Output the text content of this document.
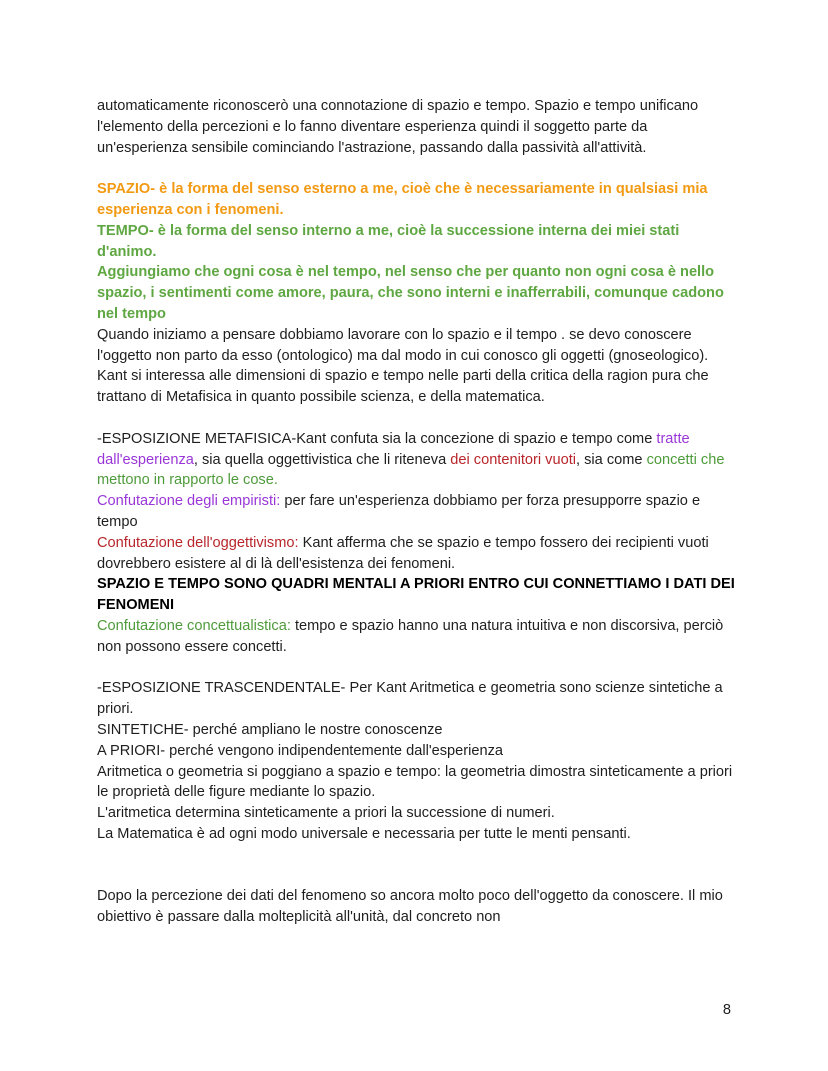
automaticamente riconoscerò una connotazione di spazio e tempo. Spazio e tempo unificano l'elemento della percezioni e lo fanno diventare esperienza quindi il soggetto parte da un'esperienza sensibile cominciando l'astrazione, passando dalla passività all'attività.

SPAZIO- è la forma del senso esterno a me, cioè che è necessariamente in qualsiasi mia esperienza con i fenomeni.

TEMPO- è la forma del senso interno a me, cioè la successione interna dei miei stati d'animo.

Aggiungiamo che ogni cosa è nel tempo, nel senso che per quanto non ogni cosa è nello spazio, i sentimenti come amore, paura, che sono interni e inafferrabili, comunque cadono nel tempo

Quando iniziamo a pensare dobbiamo lavorare con lo spazio e il tempo . se devo conoscere l'oggetto non parto da esso (ontologico) ma dal modo in cui conosco gli oggetti (gnoseologico).

Kant si interessa alle dimensioni di spazio e tempo nelle parti della critica della ragion pura che trattano di Metafisica in quanto possibile scienza, e della matematica.

-ESPOSIZIONE METAFISICA-Kant confuta sia la concezione di spazio e tempo come tratte dall'esperienza, sia quella oggettivistica che li riteneva dei contenitori vuoti, sia come concetti che mettono in rapporto le cose.

Confutazione degli empiristi: per fare un'esperienza dobbiamo per forza presupporre spazio e tempo

Confutazione dell'oggettivismo: Kant afferma che se spazio e tempo fossero dei recipienti vuoti dovrebbero esistere al di là dell'esistenza dei fenomeni.

SPAZIO E TEMPO SONO QUADRI MENTALI A PRIORI ENTRO CUI CONNETTIAMO I DATI DEI FENOMENI

Confutazione concettualistica: tempo e spazio hanno una natura intuitiva e non discorsiva, perciò non possono essere concetti.

-ESPOSIZIONE TRASCENDENTALE- Per Kant Aritmetica e geometria sono scienze sintetiche a priori.

SINTETICHE- perché ampliano le nostre conoscenze

A PRIORI- perché vengono indipendentemente dall'esperienza

Aritmetica o geometria si poggiano a spazio e tempo: la geometria dimostra sinteticamente a priori le proprietà delle figure mediante lo spazio.

L'aritmetica determina sinteticamente a priori la successione di numeri.

La Matematica è ad ogni modo universale e necessaria per tutte le menti pensanti.

Dopo la percezione dei dati del fenomeno so ancora molto poco dell'oggetto da conoscere. Il mio obiettivo è passare dalla molteplicità all'unità, dal concreto non

8
